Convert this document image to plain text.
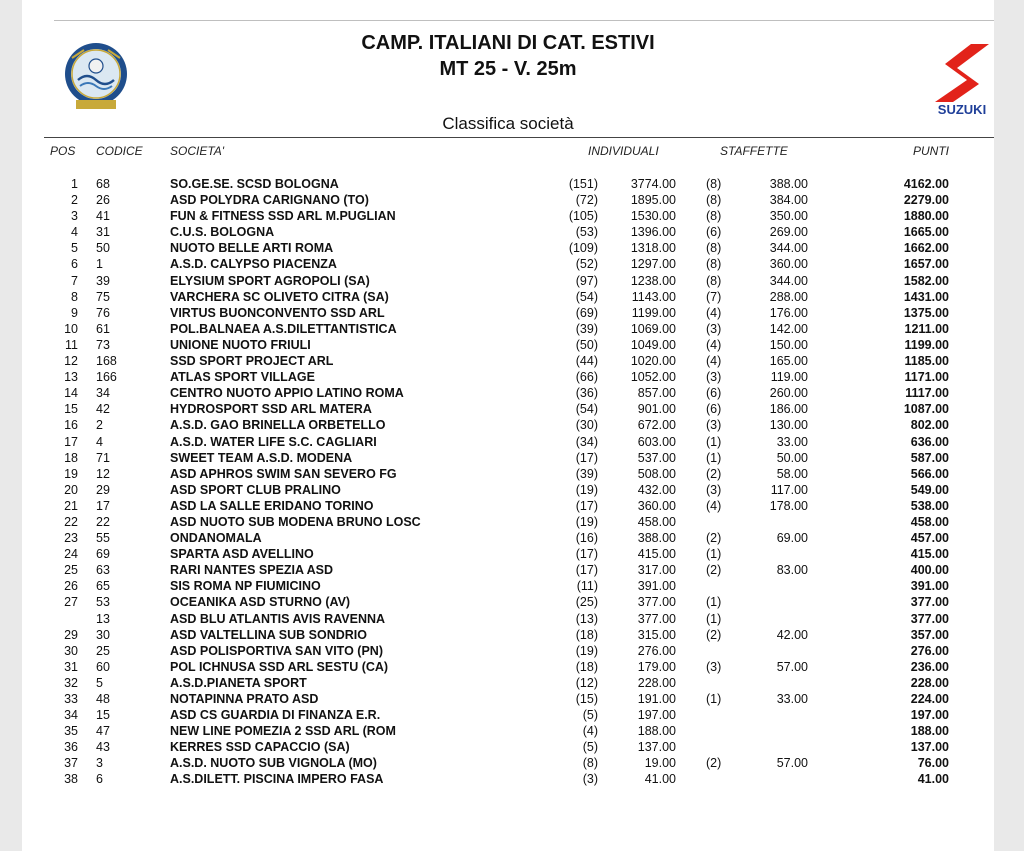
CAMP. ITALIANI DI CAT. ESTIVI
MT 25 - V. 25m
SUZUKI
Classifica società
POS CODICE SOCIETA'	INDIVIDUALI	STAFFETTE	PUNTI
1 68	SO.GE.SE. SCSD BOLOGNA	(151)	3774.00 (8)	388.00	4162.00
2 26	ASD POLYDRA CARIGNANO (TO)	(72)	1895.00 (8)	384.00	2279.00
3 41	FUN & FITNESS SSD ARL M.PUGLIAN	(105)	1530.00 (8)	350.00	1880.00
4 31	C.U.S. BOLOGNA	(53)	1396.00 (6)	269.00	1665.00
5 50	NUOTO BELLE ARTI ROMA	(109)	1318.00 (8)	344.00	1662.00
6 1	A.S.D. CALYPSO PIACENZA	(52)	1297.00 (8)	360.00	1657.00
7 39	ELYSIUM SPORT AGROPOLI (SA)	(97)	1238.00 (8)	344.00	1582.00
8 75	VARCHERA SC OLIVETO CITRA (SA)	(54)	1143.00 (7)	288.00	1431.00
9 76	VIRTUS BUONCONVENTO SSD ARL	(69)	1199.00 (4)	176.00	1375.00
10 61	POL.BALNAEA A.S.DILETTANTISTICA	(39)	1069.00 (3)	142.00	1211.00
11 73	UNIONE NUOTO FRIULI	(50)	1049.00 (4)	150.00	1199.00
12 168	SSD SPORT PROJECT ARL	(44)	1020.00 (4)	165.00	1185.00
13 166	ATLAS SPORT VILLAGE	(66)	1052.00 (3)	119.00	1171.00
14 34	CENTRO NUOTO APPIO LATINO ROMA	(36)	857.00 (6)	260.00	1117.00
15 42	HYDROSPORT SSD ARL MATERA	(54)	901.00 (6)	186.00	1087.00
16 2	A.S.D. GAO BRINELLA ORBETELLO	(30)	672.00 (3)	130.00	802.00
17 4	A.S.D. WATER LIFE S.C. CAGLIARI	(34)	603.00 (1)	33.00	636.00
18 71	SWEET TEAM A.S.D. MODENA	(17)	537.00 (1)	50.00	587.00
19 12	ASD APHROS SWIM SAN SEVERO FG	(39)	508.00 (2)	58.00	566.00
20 29	ASD SPORT CLUB PRALINO	(19)	432.00 (3)	117.00	549.00
21 17	ASD LA SALLE ERIDANO TORINO	(17)	360.00 (4)	178.00	538.00
22 22	ASD NUOTO SUB MODENA BRUNO LOSC	(19)	458.00	458.00
23 55	ONDANOMALA	(16)	388.00 (2)	69.00	457.00
24 69	SPARTA ASD AVELLINO	(17)	415.00 (1)	415.00
25 63	RARI NANTES SPEZIA ASD	(17)	317.00 (2)	83.00	400.00
26 65	SIS ROMA NP FIUMICINO	(11)	391.00	391.00
27 53	OCEANIKA ASD STURNO (AV)	(25)	377.00 (1)	377.00
13	ASD BLU ATLANTIS AVIS RAVENNA	(13)	377.00 (1)	377.00
29 30	ASD VALTELLINA SUB SONDRIO	(18)	315.00 (2)	42.00	357.00
30 25	ASD POLISPORTIVA SAN VITO (PN)	(19)	276.00	276.00
31 60	POL ICHNUSA SSD ARL SESTU (CA)	(18)	179.00 (3)	57.00	236.00
32 5	A.S.D.PIANETA SPORT	(12)	228.00	228.00
33 48	NOTAPINNA PRATO ASD	(15)	191.00 (1)	33.00	224.00
34 15	ASD CS GUARDIA DI FINANZA E.R.	(5)	197.00	197.00
35 47	NEW LINE POMEZIA 2 SSD ARL (ROM	(4)	188.00	188.00
36 43	KERRES SSD CAPACCIO (SA)	(5)	137.00	137.00
37 3	A.S.D. NUOTO SUB VIGNOLA (MO)	(8)	19.00 (2)	57.00	76.00
38 6	A.S.DILETT. PISCINA IMPERO FASA	(3)	41.00	41.00
